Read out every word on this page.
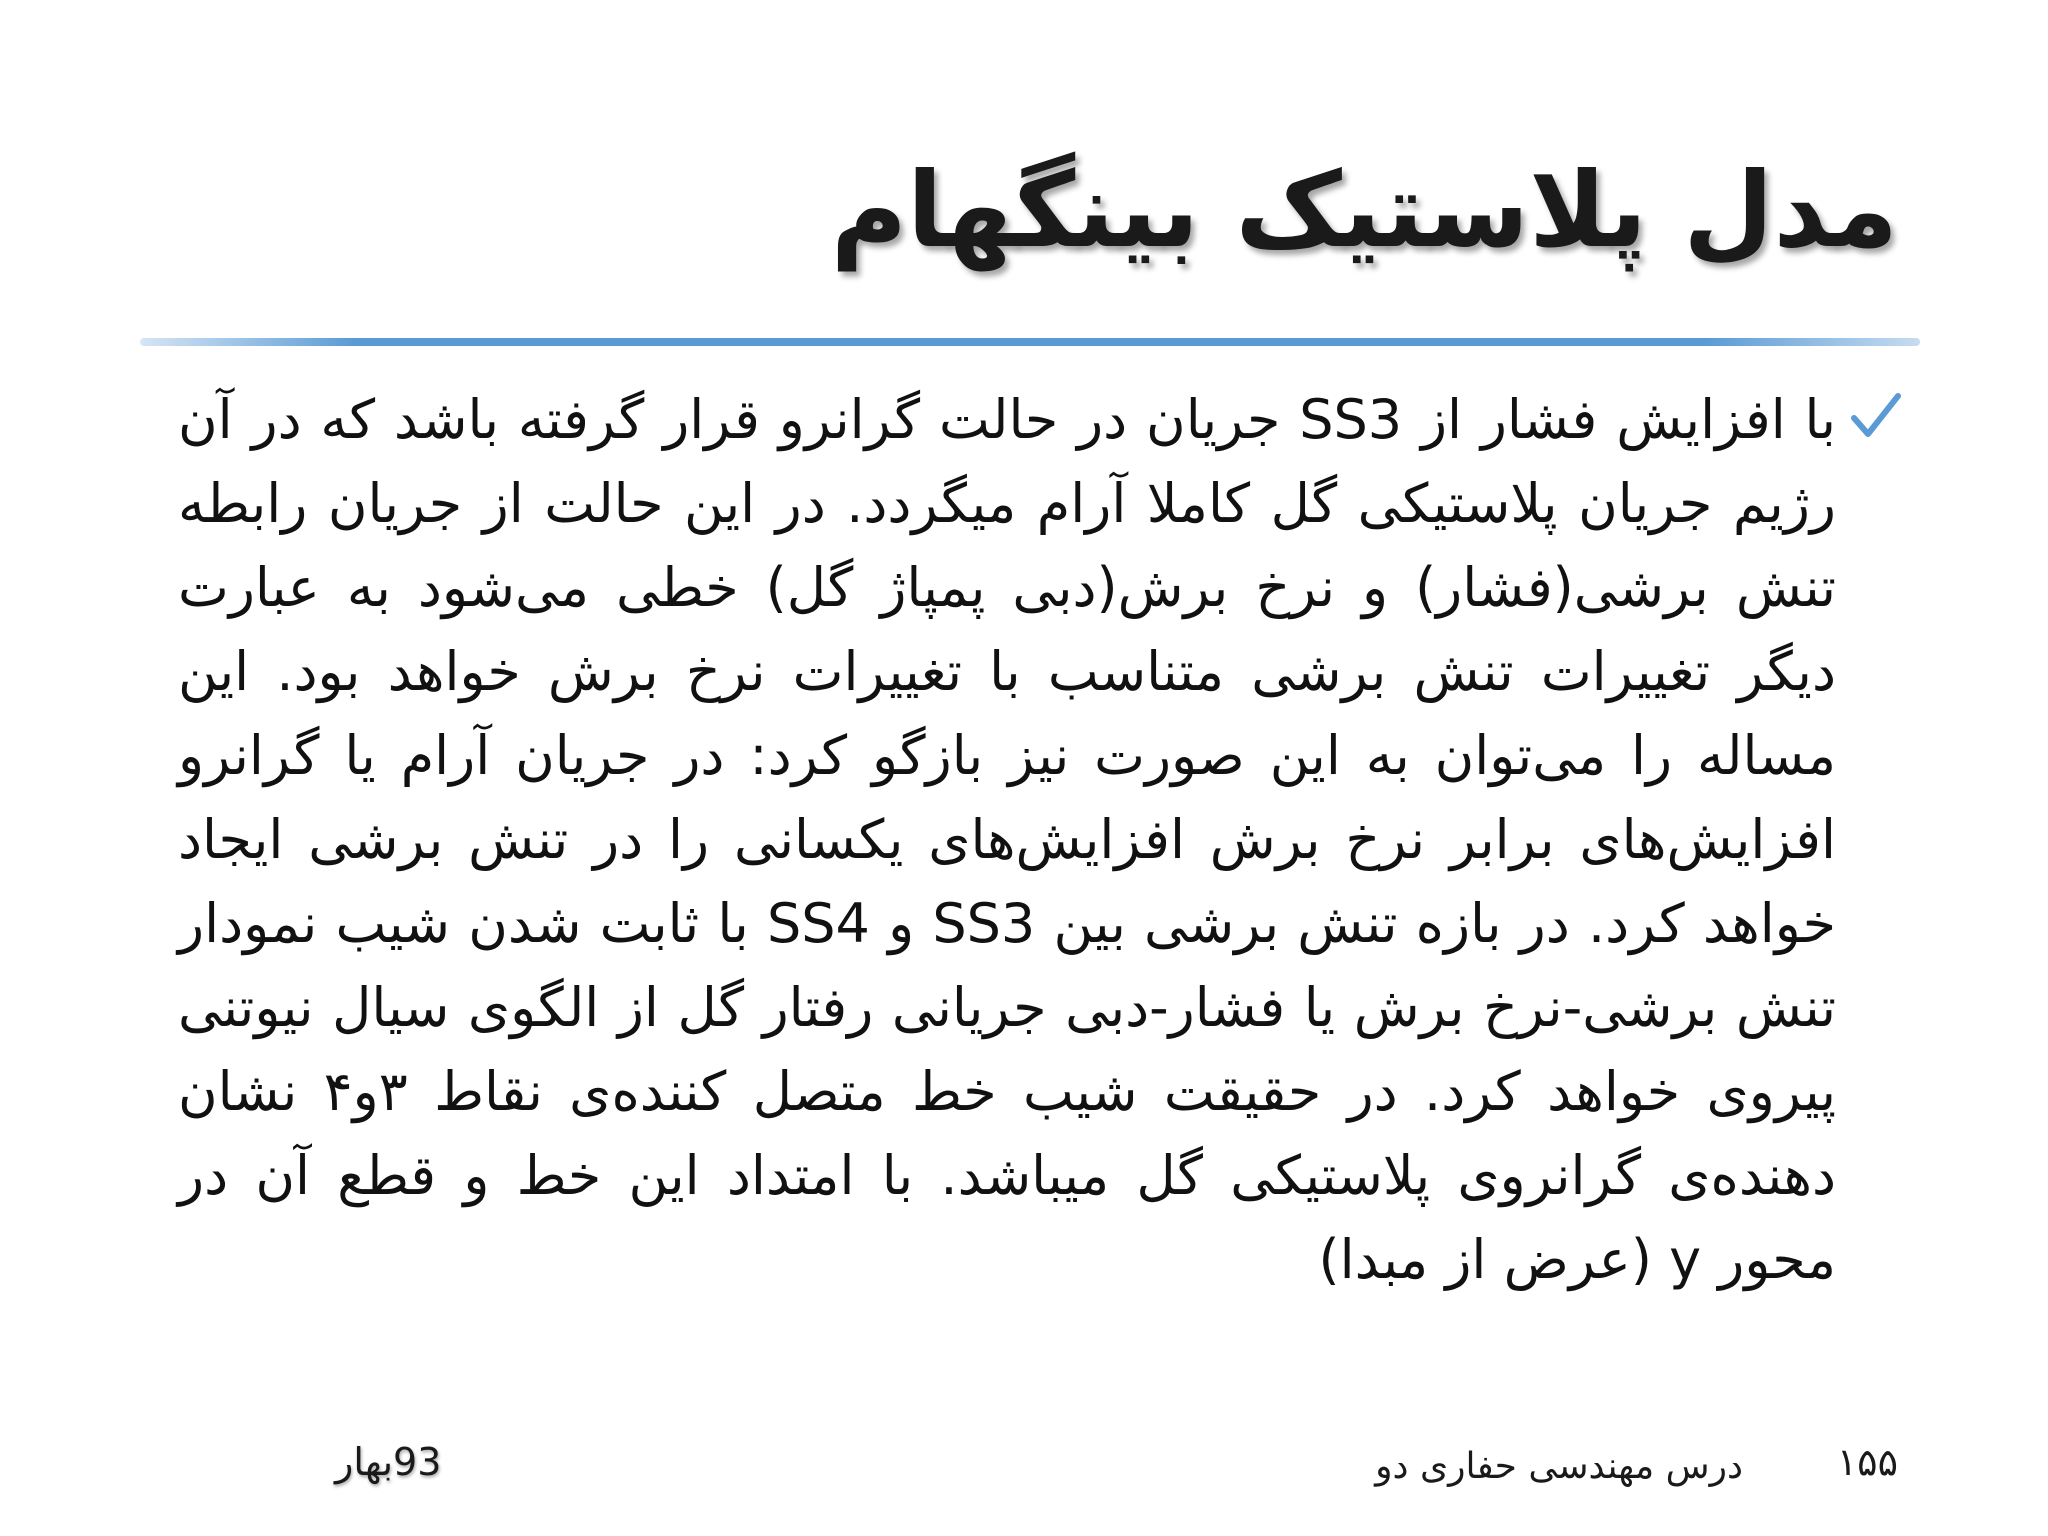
مدل پلاستیک بینگهام

با افزایش فشار از SS3 جریان در حالت گرانرو قرار گرفته باشد که در آن رژیم جریان پلاستیکی گل کاملا آرام میگردد. در این حالت از جریان رابطه تنش برشی(فشار) و نرخ برش(دبی پمپاژ گل) خطی می‌شود به عبارت دیگر تغییرات تنش برشی متناسب با تغییرات نرخ برش خواهد بود. این مساله را می‌توان به این صورت نیز بازگو کرد: در جریان آرام یا گرانرو افزایش‌های برابر نرخ برش افزایش‌های یکسانی را در تنش برشی ایجاد خواهد کرد. در بازه تنش برشی بین SS3 و SS4 با ثابت شدن شیب نمودار تنش برشی-نرخ برش یا فشار-دبی جریانی رفتار گل از الگوی سیال نیوتنی پیروی خواهد کرد. در حقیقت شیب خط متصل کننده‌ی نقاط ۳و۴ نشان دهنده‌ی گرانروی پلاستیکی گل میباشد. با امتداد این خط و قطع آن در محور y (عرض از مبدا)

۱۵۵
درس مهندسی حفاری دو
93بهار
